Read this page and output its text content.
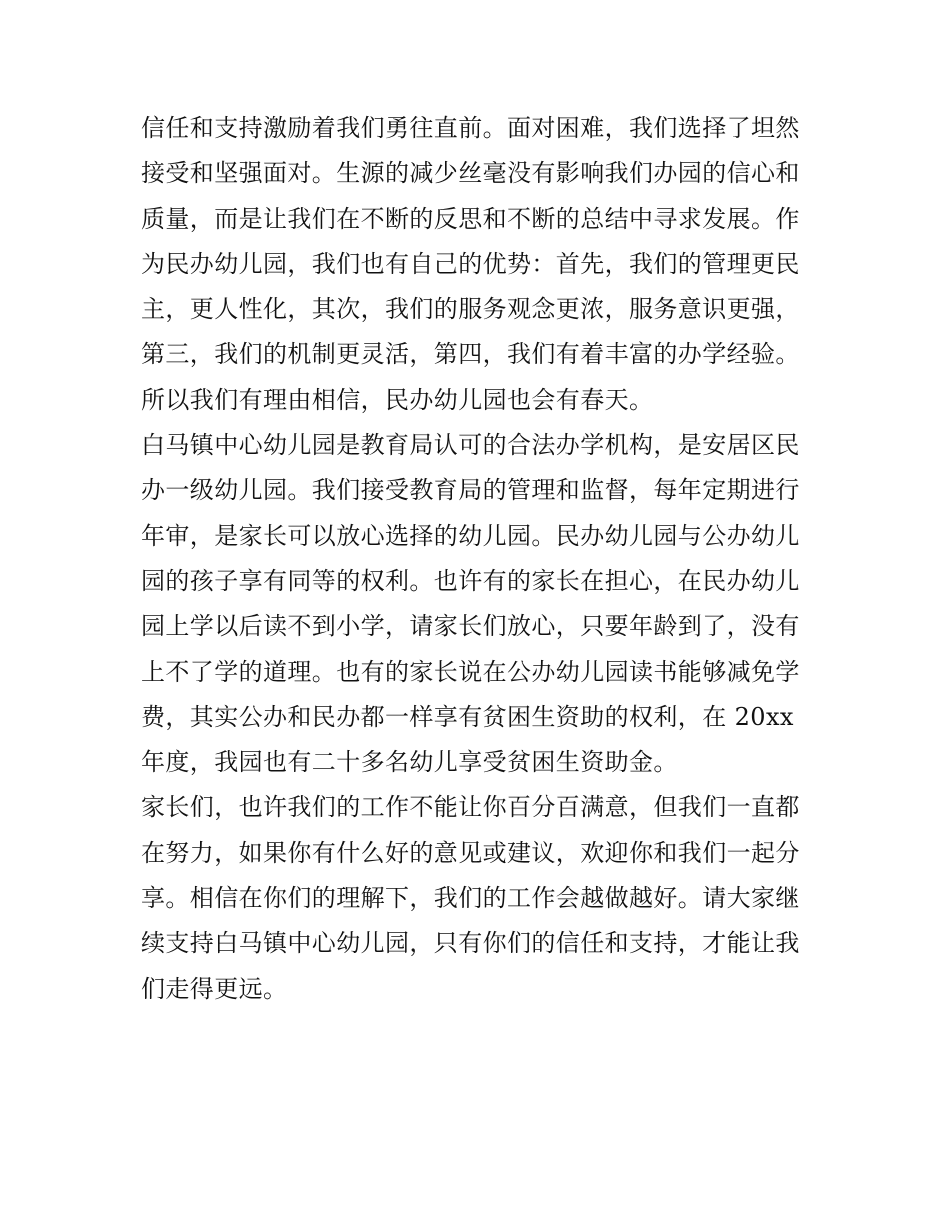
信任和支持激励着我们勇往直前。面对困难，我们选择了坦然
接受和坚强面对。生源的减少丝毫没有影响我们办园的信心和
质量，而是让我们在不断的反思和不断的总结中寻求发展。作
为民办幼儿园，我们也有自己的优势：首先，我们的管理更民
主，更人性化，其次，我们的服务观念更浓，服务意识更强，
第三，我们的机制更灵活，第四，我们有着丰富的办学经验。
所以我们有理由相信，民办幼儿园也会有春天。
白马镇中心幼儿园是教育局认可的合法办学机构，是安居区民
办一级幼儿园。我们接受教育局的管理和监督，每年定期进行
年审，是家长可以放心选择的幼儿园。民办幼儿园与公办幼儿
园的孩子享有同等的权利。也许有的家长在担心，在民办幼儿
园上学以后读不到小学，请家长们放心，只要年龄到了，没有
上不了学的道理。也有的家长说在公办幼儿园读书能够减免学
费，其实公办和民办都一样享有贫困生资助的权利，在 20xx
年度，我园也有二十多名幼儿享受贫困生资助金。
家长们，也许我们的工作不能让你百分百满意，但我们一直都
在努力，如果你有什么好的意见或建议，欢迎你和我们一起分
享。相信在你们的理解下，我们的工作会越做越好。请大家继
续支持白马镇中心幼儿园，只有你们的信任和支持，才能让我
们走得更远。
